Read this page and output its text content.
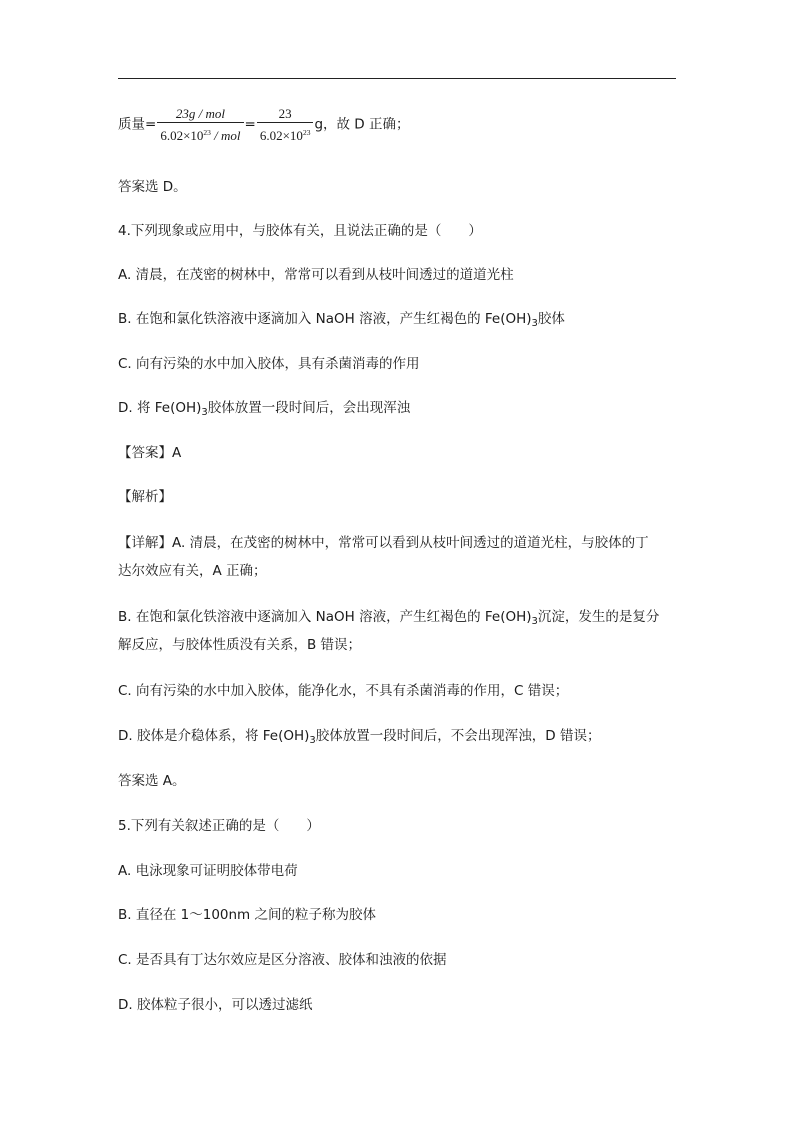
质量= $\frac{\text{23g / mol}}{6.02\times 10^{23} / mol} = \frac{23}{6.02\times 10^{23}}$ g，故 D 正确；
答案选 D。
4.下列现象或应用中，与胶体有关，且说法正确的是（　　）
A. 清晨，在茂密的树林中，常常可以看到从枝叶间透过的道道光柱
B. 在饱和氯化铁溶液中逐滴加入 NaOH 溶液，产生红褐色的 $Fe(OH)_3$胶体
C. 向有污染的水中加入胶体，具有杀菌消毒的作用
D. 将 $Fe(OH)_3$胶体放置一段时间后，会出现浑浊
【答案】A
【解析】
【详解】A. 清晨，在茂密的树林中，常常可以看到从枝叶间透过的道道光柱，与胶体的丁
达尔效应有关，A 正确；
B. 在饱和氯化铁溶液中逐滴加入 NaOH 溶液，产生红褐色的 $Fe(OH)_3$沉淀，发生的是复分
解反应，与胶体性质没有关系，B 错误；
C. 向有污染的水中加入胶体，能净化水，不具有杀菌消毒的作用，C 错误；
D. 胶体是介稳体系，将 $Fe(OH)_3$胶体放置一段时间后，不会出现浑浊，D 错误；
答案选 A。
5.下列有关叙述正确的是（　　）
A. 电泳现象可证明胶体带电荷
B. 直径在 1～100nm 之间的粒子称为胶体
C. 是否具有丁达尔效应是区分溶液、胶体和浊液的依据
D. 胶体粒子很小，可以透过滤纸
